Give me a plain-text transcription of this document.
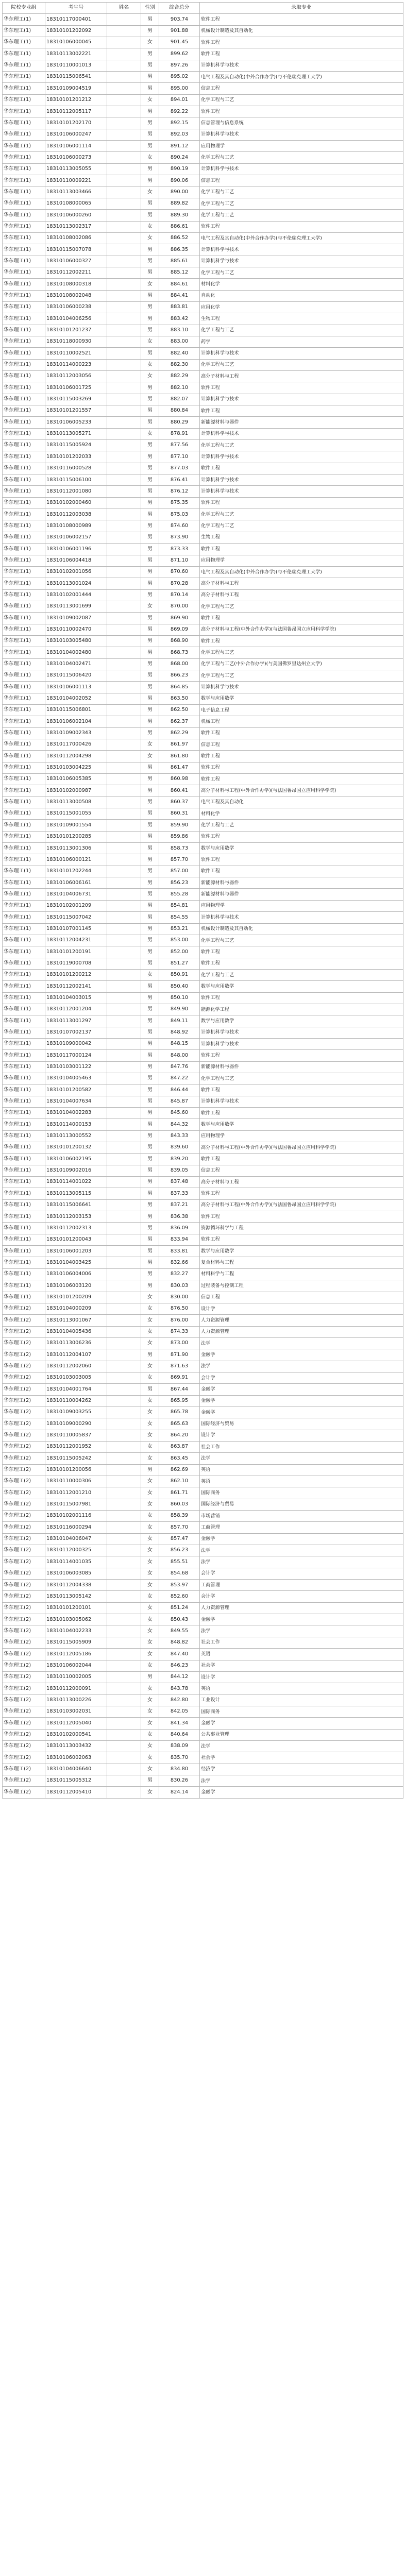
院校专业组	考生号	姓名	性别	综合总分	录取专业
华东理工(1)	18310117000401		男	903.74	软件工程
华东理工(1)	18310101202092		男	901.88	机械设计制造及其自动化
华东理工(1)	18310106000045		女	901.45	软件工程
华东理工(1)	18310113002221		男	899.62	软件工程
华东理工(1)	18310110001013		男	897.26	计算机科学与技术
华东理工(1)	18310115006541		男	895.02	电气工程及其自动化(中外合作办学)(与不伦瑞克理工大学)
华东理工(1)	18310109004519		男	895.00	信息工程
华东理工(1)	18310101201212		女	894.01	化学工程与工艺
华东理工(1)	18310112005117		男	892.22	软件工程
华东理工(1)	18310101202170		男	892.15	信息管理与信息系统
华东理工(1)	18310106000247		男	892.03	计算机科学与技术
华东理工(1)	18310106001114		男	891.12	应用物理学
华东理工(1)	18310106000273		女	890.24	化学工程与工艺
华东理工(1)	18310113005055		男	890.19	计算机科学与技术
华东理工(1)	18310110009221		男	890.06	信息工程
华东理工(1)	18310113003466		女	890.00	化学工程与工艺
华东理工(1)	18310108000065		男	889.82	化学工程与工艺
华东理工(1)	18310106000260		男	889.30	化学工程与工艺
华东理工(1)	18310113002317		女	886.61	软件工程
华东理工(1)	18310108002086		女	886.52	电气工程及其自动化(中外合作办学)(与不伦瑞克理工大学)
华东理工(1)	18310115007078		男	886.35	计算机科学与技术
华东理工(1)	18310106000327		男	885.61	计算机科学与技术
华东理工(1)	18310112002211		男	885.12	化学工程与工艺
华东理工(1)	18310108000318		女	884.61	材料化学
华东理工(1)	18310108002048		男	884.41	自动化
华东理工(1)	18310106000238		男	883.81	应用化学
华东理工(1)	18310104006256		男	883.42	生物工程
华东理工(1)	18310101201237		男	883.10	化学工程与工艺
华东理工(1)	18310118000930		女	883.00	药学
华东理工(1)	18310110002521		男	882.40	计算机科学与技术
华东理工(1)	18310114000223		女	882.30	化学工程与工艺
华东理工(1)	18310112003056		女	882.29	高分子材料与工程
华东理工(1)	18310106001725		男	882.10	软件工程
华东理工(1)	18310115003269		男	882.07	计算机科学与技术
华东理工(1)	18310101201557		男	880.84	软件工程
华东理工(1)	18310106005233		男	880.29	新能源材料与器件
华东理工(1)	18310113005271		女	878.91	计算机科学与技术
华东理工(1)	18310115005924		男	877.56	化学工程与工艺
华东理工(1)	18310101202033		男	877.10	计算机科学与技术
华东理工(1)	18310116000528		男	877.03	软件工程
华东理工(1)	18310115006100		男	876.41	计算机科学与技术
华东理工(1)	18310112001080		男	876.12	计算机科学与技术
华东理工(1)	18310102000460		男	875.35	软件工程
华东理工(1)	18310112003038		男	875.03	化学工程与工艺
华东理工(1)	18310108000989		男	874.60	化学工程与工艺
华东理工(1)	18310106002157		男	873.90	生物工程
华东理工(1)	18310106001196		男	873.33	软件工程
华东理工(1)	18310106004418		男	871.10	应用物理学
华东理工(1)	18310102001056		男	870.60	电气工程及其自动化(中外合作办学)(与不伦瑞克理工大学)
华东理工(1)	18310113001024		男	870.28	高分子材料与工程
华东理工(1)	18310102001444		男	870.14	高分子材料与工程
华东理工(1)	18310113001699		女	870.00	化学工程与工艺
华东理工(1)	18310109002087		男	869.90	软件工程
华东理工(1)	18310110002470		男	869.09	高分子材料与工程(中外合作办学)(与法国鲁昂国立应用科学学院)
华东理工(1)	18310103005480		男	868.90	软件工程
华东理工(1)	18310104002480		男	868.73	化学工程与工艺
华东理工(1)	18310104002471		男	868.00	化学工程与工艺(中外合作办学)(与美国佛罗里达州立大学)
华东理工(1)	18310115006420		男	866.23	化学工程与工艺
华东理工(1)	18310106001113		男	864.85	计算机科学与技术
华东理工(1)	18310104002052		男	863.50	数学与应用数学
华东理工(1)	18310115006801		男	862.50	电子信息工程
华东理工(1)	18310106002104		男	862.37	机械工程
华东理工(1)	18310109002343		男	862.29	软件工程
华东理工(1)	18310117000426		女	861.97	信息工程
华东理工(1)	18310112004298		女	861.80	软件工程
华东理工(1)	18310103004225		男	861.47	软件工程
华东理工(1)	18310106005385		男	860.98	软件工程
华东理工(1)	18310102000987		男	860.41	高分子材料与工程(中外合作办学)(与法国鲁昂国立应用科学学院)
华东理工(1)	18310113000508		男	860.37	电气工程及其自动化
华东理工(1)	18310115001055		男	860.31	材料化学
华东理工(1)	18310109001554		男	859.90	化学工程与工艺
华东理工(1)	18310101200285		男	859.86	软件工程
华东理工(1)	18310113001306		男	858.73	数学与应用数学
华东理工(1)	18310106000121		男	857.70	软件工程
华东理工(1)	18310101202244		男	857.00	软件工程
华东理工(1)	18310106006161		男	856.23	新能源材料与器件
华东理工(1)	18310104006731		男	855.28	新能源材料与器件
华东理工(1)	18310102001209		男	854.81	应用物理学
华东理工(1)	18310115007042		男	854.55	计算机科学与技术
华东理工(1)	18310107001145		男	853.21	机械设计制造及其自动化
华东理工(1)	18310112004231		男	853.00	化学工程与工艺
华东理工(1)	18310101200191		男	852.00	软件工程
华东理工(1)	18310119000708		男	851.27	软件工程
华东理工(1)	18310101200212		女	850.91	化学工程与工艺
华东理工(1)	18310112002141		男	850.40	数学与应用数学
华东理工(1)	18310104003015		男	850.10	软件工程
华东理工(1)	18310112001204		男	849.90	能源化学工程
华东理工(1)	18310113001297		男	849.11	数学与应用数学
华东理工(1)	18310107002137		男	848.92	计算机科学与技术
华东理工(1)	18310109000042		男	848.15	计算机科学与技术
华东理工(1)	18310117000124		男	848.00	软件工程
华东理工(1)	18310103001122		男	847.76	新能源材料与器件
华东理工(1)	18310104005463		男	847.22	化学工程与工艺
华东理工(1)	18310101200582		男	846.44	软件工程
华东理工(1)	18310104007634		男	845.87	计算机科学与技术
华东理工(1)	18310104002283		男	845.60	软件工程
华东理工(1)	18310114000153		男	844.32	数学与应用数学
华东理工(1)	18310113000552		男	843.33	应用物理学
华东理工(1)	18310101200132		男	839.60	高分子材料与工程(中外合作办学)(与法国鲁昂国立应用科学学院)
华东理工(1)	18310106002195		男	839.20	软件工程
华东理工(1)	18310109002016		男	839.05	信息工程
华东理工(1)	18310114001022		男	837.48	高分子材料与工程
华东理工(1)	18310113005115		男	837.33	软件工程
华东理工(1)	18310115006641		男	837.21	高分子材料与工程(中外合作办学)(与法国鲁昂国立应用科学学院)
华东理工(1)	18310112003153		男	836.38	软件工程
华东理工(1)	18310112002313		男	836.09	资源循环科学与工程
华东理工(1)	18310101200043		男	833.94	软件工程
华东理工(1)	18310106001203		男	833.81	数学与应用数学
华东理工(1)	18310104003425		男	832.66	复合材料与工程
华东理工(1)	18310106004006		男	832.27	材料科学与工程
华东理工(1)	18310106003120		男	830.03	过程装备与控制工程
华东理工(1)	18310101200209		女	830.00	信息工程
华东理工(2)	18310104000209		女	876.50	设计学
华东理工(2)	18310113001067		女	876.00	人力资源管理
华东理工(2)	18310104005436		女	874.33	人力资源管理
华东理工(2)	18310113006236		女	873.00	法学
华东理工(2)	18310112004107		男	871.90	金融学
华东理工(2)	18310112002060		女	871.63	法学
华东理工(2)	18310103003005		女	869.91	会计学
华东理工(2)	18310104001764		男	867.44	金融学
华东理工(2)	18310110004262		女	865.95	金融学
华东理工(2)	18310109003255		女	865.78	金融学
华东理工(2)	18310109000290		女	865.63	国际经济与贸易
华东理工(2)	18310110005837		女	864.20	设计学
华东理工(2)	18310112001952		女	863.87	社会工作
华东理工(2)	18310115005242		女	863.45	法学
华东理工(2)	18310101200056		男	862.69	英语
华东理工(2)	18310110000306		女	862.10	英语
华东理工(2)	18310112001210		女	861.71	国际商务
华东理工(2)	18310115007981		女	860.03	国际经济与贸易
华东理工(2)	18310102001116		女	858.39	市场营销
华东理工(2)	18310116000294		女	857.70	工商管理
华东理工(2)	18310104006047		女	857.47	金融学
华东理工(2)	18310112000325		女	856.23	法学
华东理工(2)	18310114001035		女	855.51	法学
华东理工(2)	18310106003085		女	854.68	会计学
华东理工(2)	18310112004338		女	853.97	工商管理
华东理工(2)	18310113005142		女	852.60	会计学
华东理工(2)	18310101200101		女	851.24	人力资源管理
华东理工(2)	18310103005062		女	850.43	金融学
华东理工(2)	18310104002233		女	849.55	法学
华东理工(2)	18310115005909		女	848.82	社会工作
华东理工(2)	18310112005186		女	847.40	英语
华东理工(2)	18310106002044		女	846.23	社会学
华东理工(2)	18310110002005		男	844.12	设计学
华东理工(2)	18310112000091		女	843.78	英语
华东理工(2)	18310113000226		女	842.80	工业设计
华东理工(2)	18310103002031		女	842.05	国际商务
华东理工(2)	18310112005040		女	841.34	金融学
华东理工(2)	18310102000541		女	840.64	公共事业管理
华东理工(2)	18310113003432		女	838.09	法学
华东理工(2)	18310106002063		女	835.70	社会学
华东理工(2)	18310104006640		女	834.80	经济学
华东理工(2)	18310115005312		男	830.26	法学
华东理工(2)	18310112005410		女	824.14	金融学
